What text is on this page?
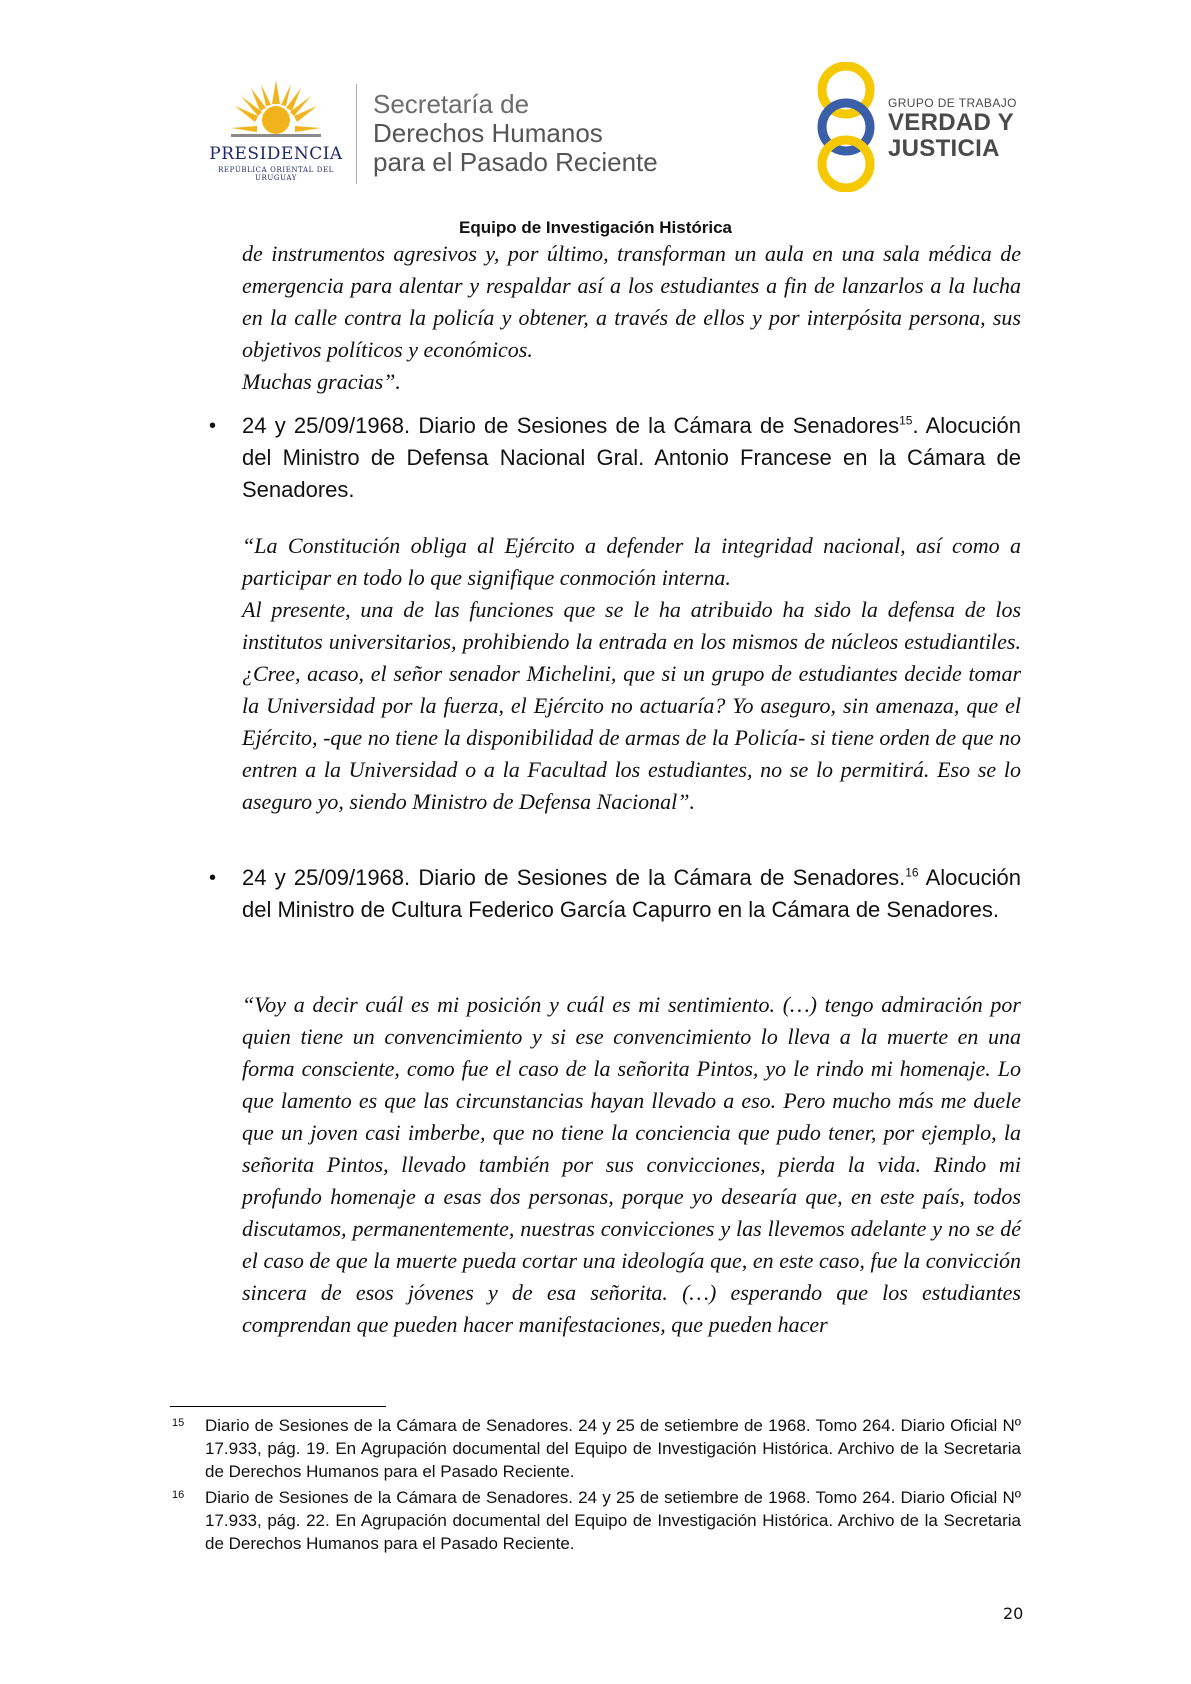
PRESIDENCIA
REPÚBLICA ORIENTAL DEL URUGUAY
Secretaría de
Derechos Humanos
para el Pasado Reciente
GRUPO DE TRABAJO
VERDAD Y
JUSTICIA
Equipo de Investigación Histórica

de instrumentos agresivos y, por último, transforman un aula en una sala médica de emergencia para alentar y respaldar así a los estudiantes a fin de lanzarlos a la lucha en la calle contra la policía y obtener, a través de ellos y por interpósita persona, sus objetivos políticos y económicos.

Muchas gracias”.

• 24 y 25/09/1968. Diario de Sesiones de la Cámara de Senadores$^{15}$. Alocución del Ministro de Defensa Nacional Gral. Antonio Francese en la Cámara de Senadores.

“La Constitución obliga al Ejército a defender la integridad nacional, así como a participar en todo lo que signifique conmoción interna.

Al presente, una de las funciones que se le ha atribuido ha sido la defensa de los institutos universitarios, prohibiendo la entrada en los mismos de núcleos estudiantiles. ¿Cree, acaso, el señor senador Michelini, que si un grupo de estudiantes decide tomar la Universidad por la fuerza, el Ejército no actuaría? Yo aseguro, sin amenaza, que el Ejército, -que no tiene la disponibilidad de armas de la Policía- si tiene orden de que no entren a la Universidad o a la Facultad los estudiantes, no se lo permitirá. Eso se lo aseguro yo, siendo Ministro de Defensa Nacional”.

• 24 y 25/09/1968. Diario de Sesiones de la Cámara de Senadores.$^{16}$ Alocución del Ministro de Cultura Federico García Capurro en la Cámara de Senadores.

“Voy a decir cuál es mi posición y cuál es mi sentimiento. (…) tengo admiración por quien tiene un convencimiento y si ese convencimiento lo lleva a la muerte en una forma consciente, como fue el caso de la señorita Pintos, yo le rindo mi homenaje. Lo que lamento es que las circunstancias hayan llevado a eso. Pero mucho más me duele que un joven casi imberbe, que no tiene la conciencia que pudo tener, por ejemplo, la señorita Pintos, llevado también por sus convicciones, pierda la vida. Rindo mi profundo homenaje a esas dos personas, porque yo desearía que, en este país, todos discutamos, permanentemente, nuestras convicciones y las llevemos adelante y no se dé el caso de que la muerte pueda cortar una ideología que, en este caso, fue la convicción sincera de esos jóvenes y de esa señorita. (…) esperando que los estudiantes comprendan que pueden hacer manifestaciones, que pueden hacer

15 Diario de Sesiones de la Cámara de Senadores. 24 y 25 de setiembre de 1968. Tomo 264. Diario Oficial Nº 17.933, pág. 19. En Agrupación documental del Equipo de Investigación Histórica. Archivo de la Secretaria de Derechos Humanos para el Pasado Reciente.
16 Diario de Sesiones de la Cámara de Senadores. 24 y 25 de setiembre de 1968. Tomo 264. Diario Oficial Nº 17.933, pág. 22. En Agrupación documental del Equipo de Investigación Histórica. Archivo de la Secretaria de Derechos Humanos para el Pasado Reciente.
20
